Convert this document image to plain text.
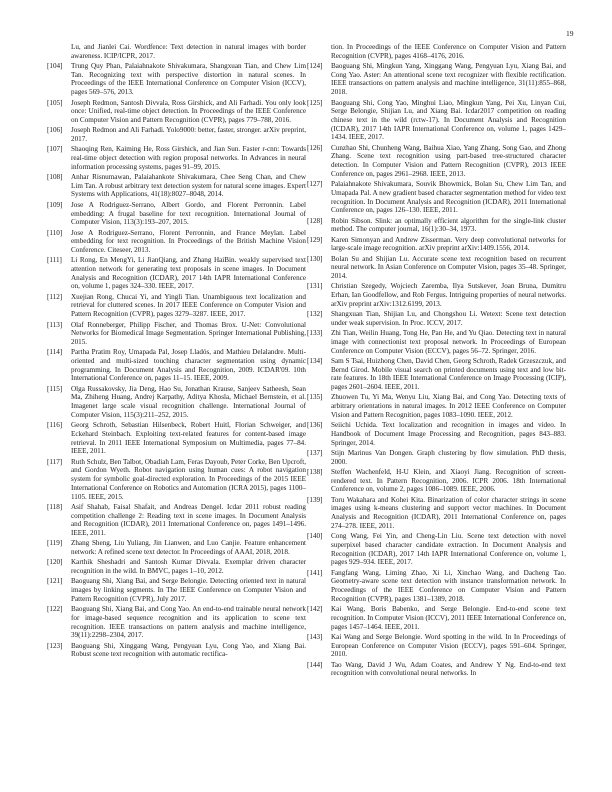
19

Lu, and Jianlei Cai. Wordfence: Text detection in natural images with border awareness. ICIP/ICPR, 2017.

[104] Trung Quy Phan, Palaiahnakote Shivakumara, Shangxuan Tian, and Chew Lim Tan. Recognizing text with perspective distortion in natural scenes. In Proceedings of the IEEE International Conference on Computer Vision (ICCV), pages 569–576, 2013.

[105] Joseph Redmon, Santosh Divvala, Ross Girshick, and Ali Farhadi. You only look once: Unified, real-time object detection. In Proceedings of the IEEE Conference on Computer Vision and Pattern Recognition (CVPR), pages 779–788, 2016.

[106] Joseph Redmon and Ali Farhadi. Yolo9000: better, faster, stronger. arXiv preprint, 2017.

[107] Shaoqing Ren, Kaiming He, Ross Girshick, and Jian Sun. Faster r-cnn: Towards real-time object detection with region proposal networks. In Advances in neural information processing systems, pages 91–99, 2015.

[108] Anhar Risnumawan, Palaiahankote Shivakumara, Chee Seng Chan, and Chew Lim Tan. A robust arbitrary text detection system for natural scene images. Expert Systems with Applications, 41(18):8027–8048, 2014.

[109] Jose A Rodriguez-Serrano, Albert Gordo, and Florent Perronnin. Label embedding: A frugal baseline for text recognition. International Journal of Computer Vision, 113(3):193–207, 2015.

[110] Jose A Rodriguez-Serrano, Florent Perronnin, and France Meylan. Label embedding for text recognition. In Proceedings of the British Machine Vision Conference. Citeseer, 2013.

[111] Li Rong, En MengYi, Li JianQiang, and Zhang HaiBin. weakly supervised text attention network for generating text proposals in scene images. In Document Analysis and Recognition (ICDAR), 2017 14th IAPR International Conference on, volume 1, pages 324–330. IEEE, 2017.

[112] Xuejian Rong, Chucai Yi, and Yingli Tian. Unambiguous text localization and retrieval for cluttered scenes. In 2017 IEEE Conference on Computer Vision and Pattern Recognition (CVPR), pages 3279–3287. IEEE, 2017.

[113] Olaf Ronneberger, Philipp Fischer, and Thomas Brox. U-Net: Convolutional Networks for Biomedical Image Segmentation. Springer International Publishing, 2015.

[114] Partha Pratim Roy, Umapada Pal, Josep Lladós, and Mathieu Delalandre. Multi-oriented and multi-sized touching character segmentation using dynamic programming. In Document Analysis and Recognition, 2009. ICDAR'09. 10th International Conference on, pages 11–15. IEEE, 2009.

[115] Olga Russakovsky, Jia Deng, Hao Su, Jonathan Krause, Sanjeev Satheesh, Sean Ma, Zhiheng Huang, Andrej Karpathy, Aditya Khosla, Michael Bernstein, et al. Imagenet large scale visual recognition challenge. International Journal of Computer Vision, 115(3):211–252, 2015.

[116] Georg Schroth, Sebastian Hilsenbeck, Robert Huitl, Florian Schweiger, and Eckehard Steinbach. Exploiting text-related features for content-based image retrieval. In 2011 IEEE International Symposium on Multimedia, pages 77–84. IEEE, 2011.

[117] Ruth Schulz, Ben Talbot, Obadiah Lam, Feras Dayoub, Peter Corke, Ben Upcroft, and Gordon Wyeth. Robot navigation using human cues: A robot navigation system for symbolic goal-directed exploration. In Proceedings of the 2015 IEEE International Conference on Robotics and Automation (ICRA 2015), pages 1100–1105. IEEE, 2015.

[118] Asif Shahab, Faisal Shafait, and Andreas Dengel. Icdar 2011 robust reading competition challenge 2: Reading text in scene images. In Document Analysis and Recognition (ICDAR), 2011 International Conference on, pages 1491–1496. IEEE, 2011.

[119] Zhang Sheng, Liu Yuliang, Jin Lianwen, and Luo Canjie. Feature enhancement network: A refined scene text detector. In Proceedings of AAAI, 2018, 2018.

[120] Karthik Sheshadri and Santosh Kumar Divvala. Exemplar driven character recognition in the wild. In BMVC, pages 1–10, 2012.

[121] Baoguang Shi, Xiang Bai, and Serge Belongie. Detecting oriented text in natural images by linking segments. In The IEEE Conference on Computer Vision and Pattern Recognition (CVPR), July 2017.

[122] Baoguang Shi, Xiang Bai, and Cong Yao. An end-to-end trainable neural network for image-based sequence recognition and its application to scene text recognition. IEEE transactions on pattern analysis and machine intelligence, 39(11):2298–2304, 2017.

[123] Baoguang Shi, Xinggang Wang, Pengyuan Lyu, Cong Yao, and Xiang Bai. Robust scene text recognition with automatic rectifica-

tion. In Proceedings of the IEEE Conference on Computer Vision and Pattern Recognition (CVPR), pages 4168–4176, 2016.

[124] Baoguang Shi, Mingkun Yang, Xinggang Wang, Pengyuan Lyu, Xiang Bai, and Cong Yao. Aster: An attentional scene text recognizer with flexible rectification. IEEE transactions on pattern analysis and machine intelligence, 31(11):855–868, 2018.

[125] Baoguang Shi, Cong Yao, Minghui Liao, Mingkun Yang, Pei Xu, Linyan Cui, Serge Belongie, Shijian Lu, and Xiang Bai. Icdar2017 competition on reading chinese text in the wild (rctw-17). In Document Analysis and Recognition (ICDAR), 2017 14th IAPR International Conference on, volume 1, pages 1429–1434. IEEE, 2017.

[126] Cunzhao Shi, Chunheng Wang, Baihua Xiao, Yang Zhang, Song Gao, and Zhong Zhang. Scene text recognition using part-based tree-structured character detection. In Computer Vision and Pattern Recognition (CVPR), 2013 IEEE Conference on, pages 2961–2968. IEEE, 2013.

[127] Palaiahnakote Shivakumara, Souvik Bhowmick, Bolan Su, Chew Lim Tan, and Umapada Pal. A new gradient based character segmentation method for video text recognition. In Document Analysis and Recognition (ICDAR), 2011 International Conference on, pages 126–130. IEEE, 2011.

[128] Robin Sibson. Slink: an optimally efficient algorithm for the single-link cluster method. The computer journal, 16(1):30–34, 1973.

[129] Karen Simonyan and Andrew Zisserman. Very deep convolutional networks for large-scale image recognition. arXiv preprint arXiv:1409.1556, 2014.

[130] Bolan Su and Shijian Lu. Accurate scene text recognition based on recurrent neural network. In Asian Conference on Computer Vision, pages 35–48. Springer, 2014.

[131] Christian Szegedy, Wojciech Zaremba, Ilya Sutskever, Joan Bruna, Dumitru Erhan, Ian Goodfellow, and Rob Fergus. Intriguing properties of neural networks. arXiv preprint arXiv:1312.6199, 2013.

[132] Shangxuan Tian, Shijian Lu, and Chongshou Li. Wetext: Scene text detection under weak supervision. In Proc. ICCV, 2017.

[133] Zhi Tian, Weilin Huang, Tong He, Pan He, and Yu Qiao. Detecting text in natural image with connectionist text proposal network. In Proceedings of European Conference on Computer Vision (ECCV), pages 56–72. Springer, 2016.

[134] Sam S Tsai, Huizhong Chen, David Chen, Georg Schroth, Radek Grzeszczuk, and Bernd Girod. Mobile visual search on printed documents using text and low bit-rate features. In 18th IEEE International Conference on Image Processing (ICIP), pages 2601–2604. IEEE, 2011.

[135] Zhuowen Tu, Yi Ma, Wenyu Liu, Xiang Bai, and Cong Yao. Detecting texts of arbitrary orientations in natural images. In 2012 IEEE Conference on Computer Vision and Pattern Recognition, pages 1083–1090. IEEE, 2012.

[136] Seiichi Uchida. Text localization and recognition in images and video. In Handbook of Document Image Processing and Recognition, pages 843–883. Springer, 2014.

[137] Stijn Marinus Van Dongen. Graph clustering by flow simulation. PhD thesis, 2000.

[138] Steffen Wachenfeld, H-U Klein, and Xiaoyi Jiang. Recognition of screen-rendered text. In Pattern Recognition, 2006. ICPR 2006. 18th International Conference on, volume 2, pages 1086–1089. IEEE, 2006.

[139] Toru Wakahara and Kohei Kita. Binarization of color character strings in scene images using k-means clustering and support vector machines. In Document Analysis and Recognition (ICDAR), 2011 International Conference on, pages 274–278. IEEE, 2011.

[140] Cong Wang, Fei Yin, and Cheng-Lin Liu. Scene text detection with novel superpixel based character candidate extraction. In Document Analysis and Recognition (ICDAR), 2017 14th IAPR International Conference on, volume 1, pages 929–934. IEEE, 2017.

[141] Fangfang Wang, Liming Zhao, Xi Li, Xinchao Wang, and Dacheng Tao. Geometry-aware scene text detection with instance transformation network. In Proceedings of the IEEE Conference on Computer Vision and Pattern Recognition (CVPR), pages 1381–1389, 2018.

[142] Kai Wang, Boris Babenko, and Serge Belongie. End-to-end scene text recognition. In Computer Vision (ICCV), 2011 IEEE International Conference on, pages 1457–1464. IEEE, 2011.

[143] Kai Wang and Serge Belongie. Word spotting in the wild. In In Proceedings of European Conference on Computer Vision (ECCV), pages 591–604. Springer, 2010.

[144] Tao Wang, David J Wu, Adam Coates, and Andrew Y Ng. End-to-end text recognition with convolutional neural networks. In
